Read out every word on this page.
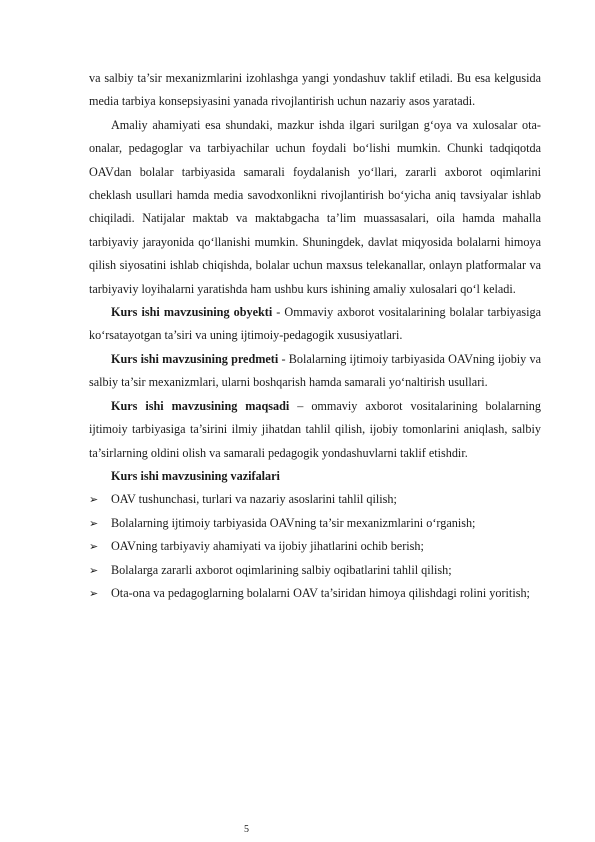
va salbiy ta’sir mexanizmlarini izohlashga yangi yondashuv taklif etiladi. Bu esa kelgusida media tarbiya konsepsiyasini yanada rivojlantirish uchun nazariy asos yaratadi.

Amaliy ahamiyati esa shundaki, mazkur ishda ilgari surilgan g‘oya va xulosalar ota-onalar, pedagoglar va tarbiyachilar uchun foydali bo‘lishi mumkin. Chunki tadqiqotda OAVdan bolalar tarbiyasida samarali foydalanish yo‘llari, zararli axborot oqimlarini cheklash usullari hamda media savodxonlikni rivojlantirish bo‘yicha aniq tavsiyalar ishlab chiqiladi. Natijalar maktab va maktabgacha ta’lim muassasalari, oila hamda mahalla tarbiyaviy jarayonida qo‘llanishi mumkin. Shuningdek, davlat miqyosida bolalarni himoya qilish siyosatini ishlab chiqishda, bolalar uchun maxsus telekanallar, onlayn platformalar va tarbiyaviy loyihalarni yaratishda ham ushbu kurs ishining amaliy xulosalari qo‘l keladi.

Kurs ishi mavzusining obyekti - Ommaviy axborot vositalarining bolalar tarbiyasiga ko‘rsatayotgan ta’siri va uning ijtimoiy-pedagogik xususiyatlari.

Kurs ishi mavzusining predmeti - Bolalarning ijtimoiy tarbiyasida OAVning ijobiy va salbiy ta’sir mexanizmlari, ularni boshqarish hamda samarali yo‘naltirish usullari.

Kurs ishi mavzusining maqsadi – ommaviy axborot vositalarining bolalarning ijtimoiy tarbiyasiga ta’sirini ilmiy jihatdan tahlil qilish, ijobiy tomonlarini aniqlash, salbiy ta’sirlarning oldini olish va samarali pedagogik yondashuvlarni taklif etishdir.

Kurs ishi mavzusining vazifalari

➢	OAV tushunchasi, turlari va nazariy asoslarini tahlil qilish;
➢	Bolalarning ijtimoiy tarbiyasida OAVning ta’sir mexanizmlarini o‘rganish;
➢	OAVning tarbiyaviy ahamiyati va ijobiy jihatlarini ochib berish;
➢	Bolalarga zararli axborot oqimlarining salbiy oqibatlarini tahlil qilish;
➢	Ota-ona va pedagoglarning bolalarni OAV ta’siridan himoya qilishdagi rolini yoritish;
5
